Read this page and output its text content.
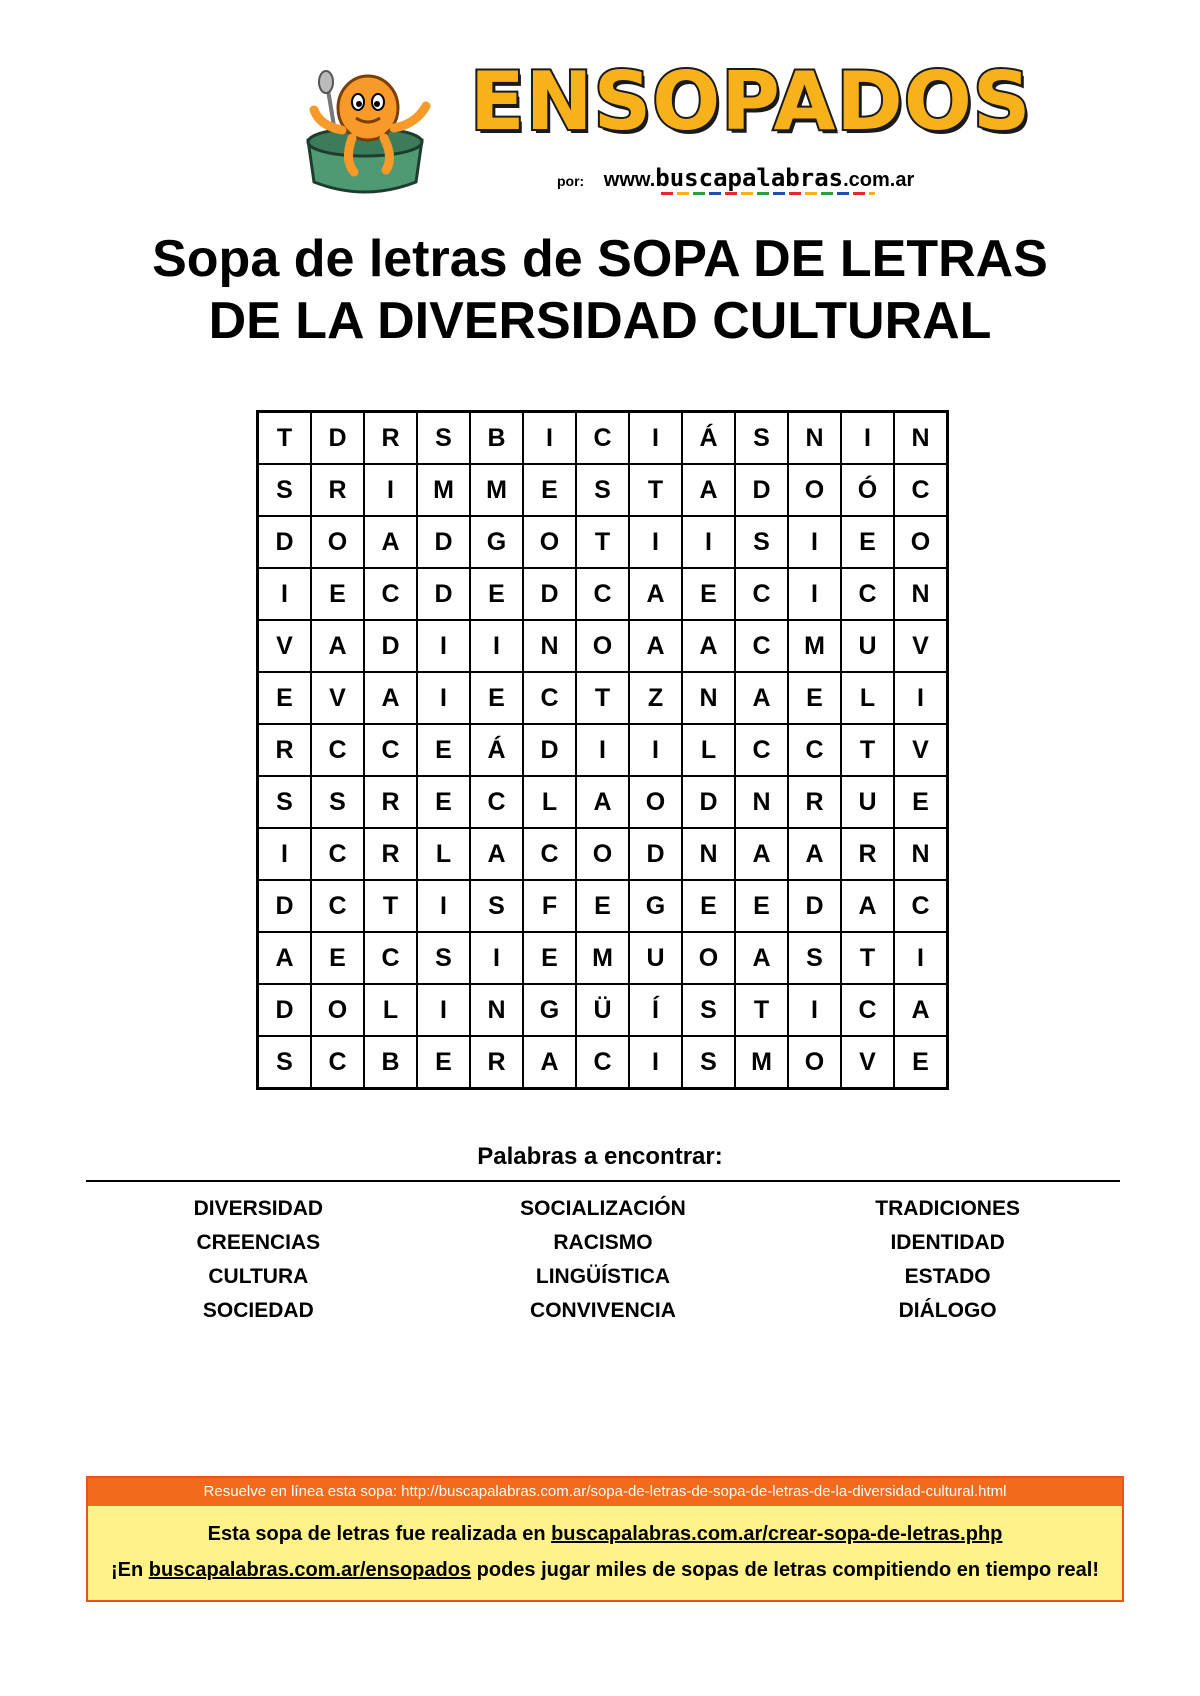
ENSOPADOS
por: www.buscapalabras.com.ar
Sopa de letras de SOPA DE LETRAS DE LA DIVERSIDAD CULTURAL
T	D	R	S	B	I	C	I	Á	S	N	I	N
S	R	I	M	M	E	S	T	A	D	O	Ó	C
D	O	A	D	G	O	T	I	I	S	I	E	O
I	E	C	D	E	D	C	A	E	C	I	C	N
V	A	D	I	I	N	O	A	A	C	M	U	V
E	V	A	I	E	C	T	Z	N	A	E	L	I
R	C	C	E	Á	D	I	I	L	C	C	T	V
S	S	R	E	C	L	A	O	D	N	R	U	E
I	C	R	L	A	C	O	D	N	A	A	R	N
D	C	T	I	S	F	E	G	E	E	D	A	C
A	E	C	S	I	E	M	U	O	A	S	T	I
D	O	L	I	N	G	Ü	Í	S	T	I	C	A
S	C	B	E	R	A	C	I	S	M	O	V	E
Palabras a encontrar:
DIVERSIDAD
CREENCIAS
CULTURA
SOCIEDAD
SOCIALIZACIÓN
RACISMO
LINGÜÍSTICA
CONVIVENCIA
TRADICIONES
IDENTIDAD
ESTADO
DIÁLOGO
Resuelve en línea esta sopa: http://buscapalabras.com.ar/sopa-de-letras-de-sopa-de-letras-de-la-diversidad-cultural.html
Esta sopa de letras fue realizada en buscapalabras.com.ar/crear-sopa-de-letras.php
¡En buscapalabras.com.ar/ensopados podes jugar miles de sopas de letras compitiendo en tiempo real!
